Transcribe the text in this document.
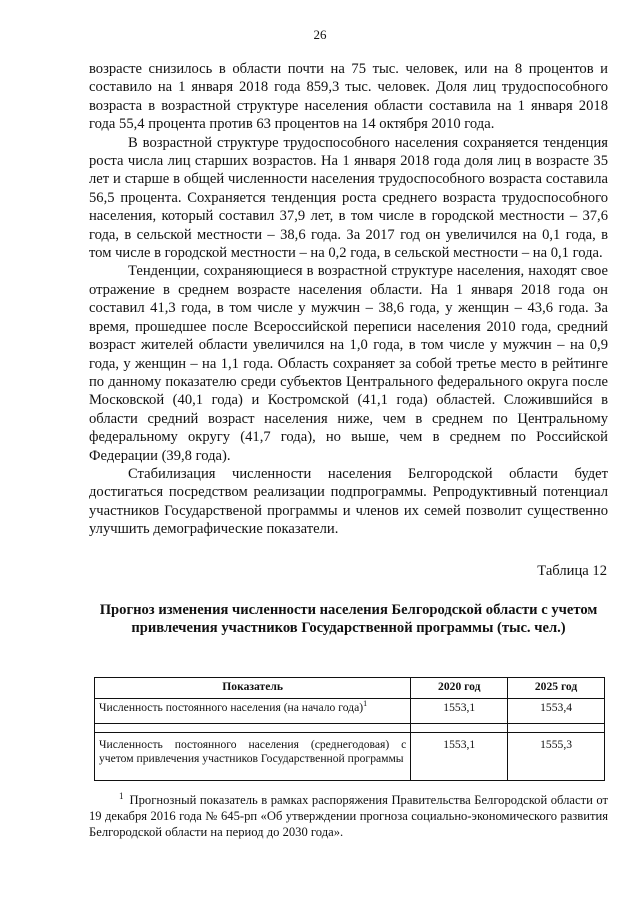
26

возрасте снизилось в области почти на 75 тыс. человек, или на 8 процентов и составило на 1 января 2018 года 859,3 тыс. человек. Доля лиц трудоспособного возраста в возрастной структуре населения области составила на 1 января 2018 года 55,4 процента против 63 процентов на 14 октября 2010 года.

В возрастной структуре трудоспособного населения сохраняется тенденция роста числа лиц старших возрастов. На 1 января 2018 года доля лиц в возрасте 35 лет и старше в общей численности населения трудоспособного возраста составила 56,5 процента. Сохраняется тенденция роста среднего возраста трудоспособного населения, который составил 37,9 лет, в том числе в городской местности – 37,6 года, в сельской местности – 38,6 года. За 2017 год он увеличился на 0,1 года, в том числе в городской местности – на 0,2 года, в сельской местности – на 0,1 года.

Тенденции, сохраняющиеся в возрастной структуре населения, находят свое отражение в среднем возрасте населения области. На 1 января 2018 года он составил 41,3 года, в том числе у мужчин – 38,6 года, у женщин – 43,6 года. За время, прошедшее после Всероссийской переписи населения 2010 года, средний возраст жителей области увеличился на 1,0 года, в том числе у мужчин – на 0,9 года, у женщин – на 1,1 года. Область сохраняет за собой третье место в рейтинге по данному показателю среди субъектов Центрального федерального округа после Московской (40,1 года) и Костромской (41,1 года) областей. Сложившийся в области средний возраст населения ниже, чем в среднем по Центральному федеральному округу (41,7 года), но выше, чем в среднем по Российской Федерации (39,8 года).

Стабилизация численности населения Белгородской области будет достигаться посредством реализации подпрограммы. Репродуктивный потенциал участников Государственой программы и членов их семей позволит существенно улучшить демографические показатели.

Таблица 12
Прогноз изменения численности населения Белгородской области с учетом привлечения участников Государственной программы (тыс. чел.)
Показатель	2020 год	2025 год
Численность постоянного населения (на начало года)$^1$	1553,1	1553,4

Численность постоянного населения (среднегодовая) с учетом привлечения участников Государственной программы	1553,1	1555,3
$^1$ Прогнозный показатель в рамках распоряжения Правительства Белгородской области от 19 декабря 2016 года № 645-рп «Об утверждении прогноза социально-экономического развития Белгородской области на период до 2030 года».
